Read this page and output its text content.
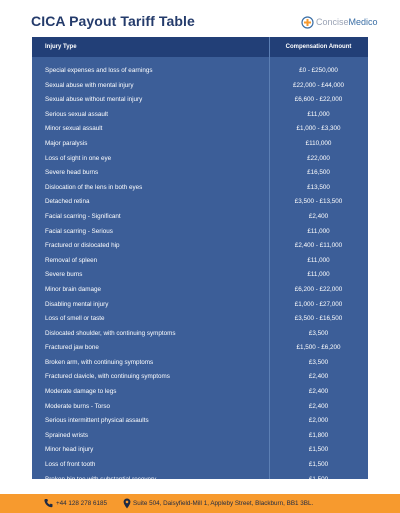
CICA Payout Tariff Table	ConciseMedico
Injury Type	Compensation Amount
Special expenses and loss of earnings	£0 - £250,000
Sexual abuse with mental injury	£22,000 - £44,000
Sexual abuse without mental injury	£6,600 - £22,000
Serious sexual assault	£11,000
Minor sexual assault	£1,000 - £3,300
Major paralysis	£110,000
Loss of sight in one eye	£22,000
Severe head burns	£16,500
Dislocation of the lens in both eyes	£13,500
Detached retina	£3,500 - £13,500
Facial scarring - Significant	£2,400
Facial scarring - Serious	£11,000
Fractured or dislocated hip	£2,400 - £11,000
Removal of spleen	£11,000
Severe burns	£11,000
Minor brain damage	£6,200 - £22,000
Disabling mental injury	£1,000 - £27,000
Loss of smell or taste	£3,500 - £16,500
Dislocated shoulder, with continuing symptoms	£3,500
Fractured jaw bone	£1,500 - £6,200
Broken arm, with continuing symptoms	£3,500
Fractured clavicle, with continuing symptoms	£2,400
Moderate damage to legs	£2,400
Moderate burns - Torso	£2,400
Serious intermittent physical assaults	£2,000
Sprained wrists	£1,800
Minor head injury	£1,500
Loss of front tooth	£1,500
Broken big toe with substantial recovery	£1,500
+44 128 278 6185	Suite 504, Daisyfield-Mill 1, Appleby Street, Blackburn, BB1 3BL.
